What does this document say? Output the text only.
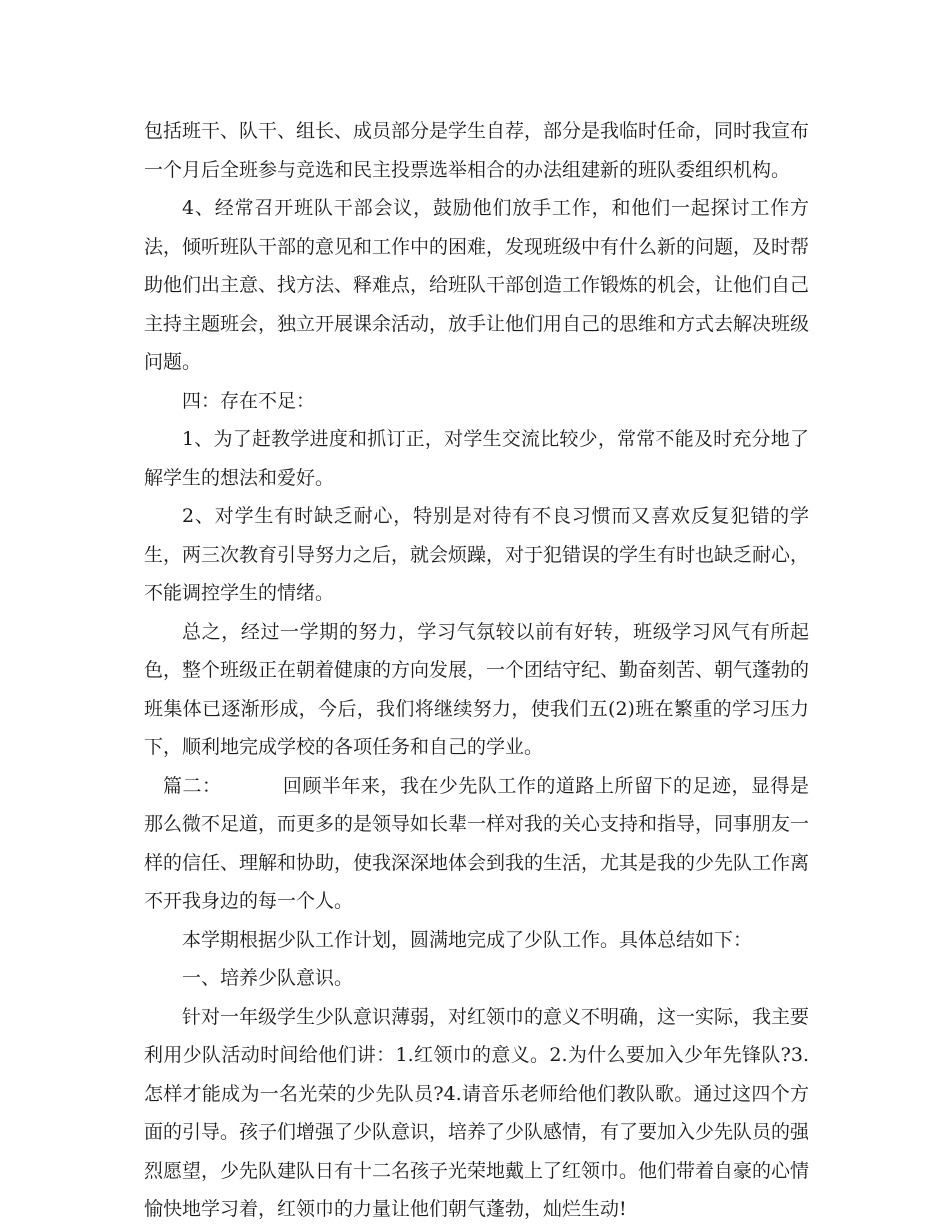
包括班干、队干、组长、成员部分是学生自荐，部分是我临时任命，同时我宣布一个月后全班参与竞选和民主投票选举相合的办法组建新的班队委组织机构。

4、经常召开班队干部会议，鼓励他们放手工作，和他们一起探讨工作方法，倾听班队干部的意见和工作中的困难，发现班级中有什么新的问题，及时帮助他们出主意、找方法、释难点，给班队干部创造工作锻炼的机会，让他们自己主持主题班会，独立开展课余活动，放手让他们用自己的思维和方式去解决班级问题。

四：存在不足：

1、为了赶教学进度和抓订正，对学生交流比较少，常常不能及时充分地了解学生的想法和爱好。

2、对学生有时缺乏耐心，特别是对待有不良习惯而又喜欢反复犯错的学生，两三次教育引导努力之后，就会烦躁，对于犯错误的学生有时也缺乏耐心，不能调控学生的情绪。

总之，经过一学期的努力，学习气氛较以前有好转，班级学习风气有所起色，整个班级正在朝着健康的方向发展，一个团结守纪、勤奋刻苦、朝气蓬勃的班集体已逐渐形成，今后，我们将继续努力，使我们五(2)班在繁重的学习压力下，顺利地完成学校的各项任务和自己的学业。

篇二：	回顾半年来，我在少先队工作的道路上所留下的足迹，显得是那么微不足道，而更多的是领导如长辈一样对我的关心支持和指导，同事朋友一样的信任、理解和协助，使我深深地体会到我的生活，尤其是我的少先队工作离不开我身边的每一个人。

本学期根据少队工作计划，圆满地完成了少队工作。具体总结如下：

一、培养少队意识。

针对一年级学生少队意识薄弱，对红领巾的意义不明确，这一实际，我主要利用少队活动时间给他们讲：1.红领巾的意义。2.为什么要加入少年先锋队?3.怎样才能成为一名光荣的少先队员?4.请音乐老师给他们教队歌。通过这四个方面的引导。孩子们增强了少队意识，培养了少队感情，有了要加入少先队员的强烈愿望，少先队建队日有十二名孩子光荣地戴上了红领巾。他们带着自豪的心情愉快地学习着，红领巾的力量让他们朝气蓬勃，灿烂生动!
